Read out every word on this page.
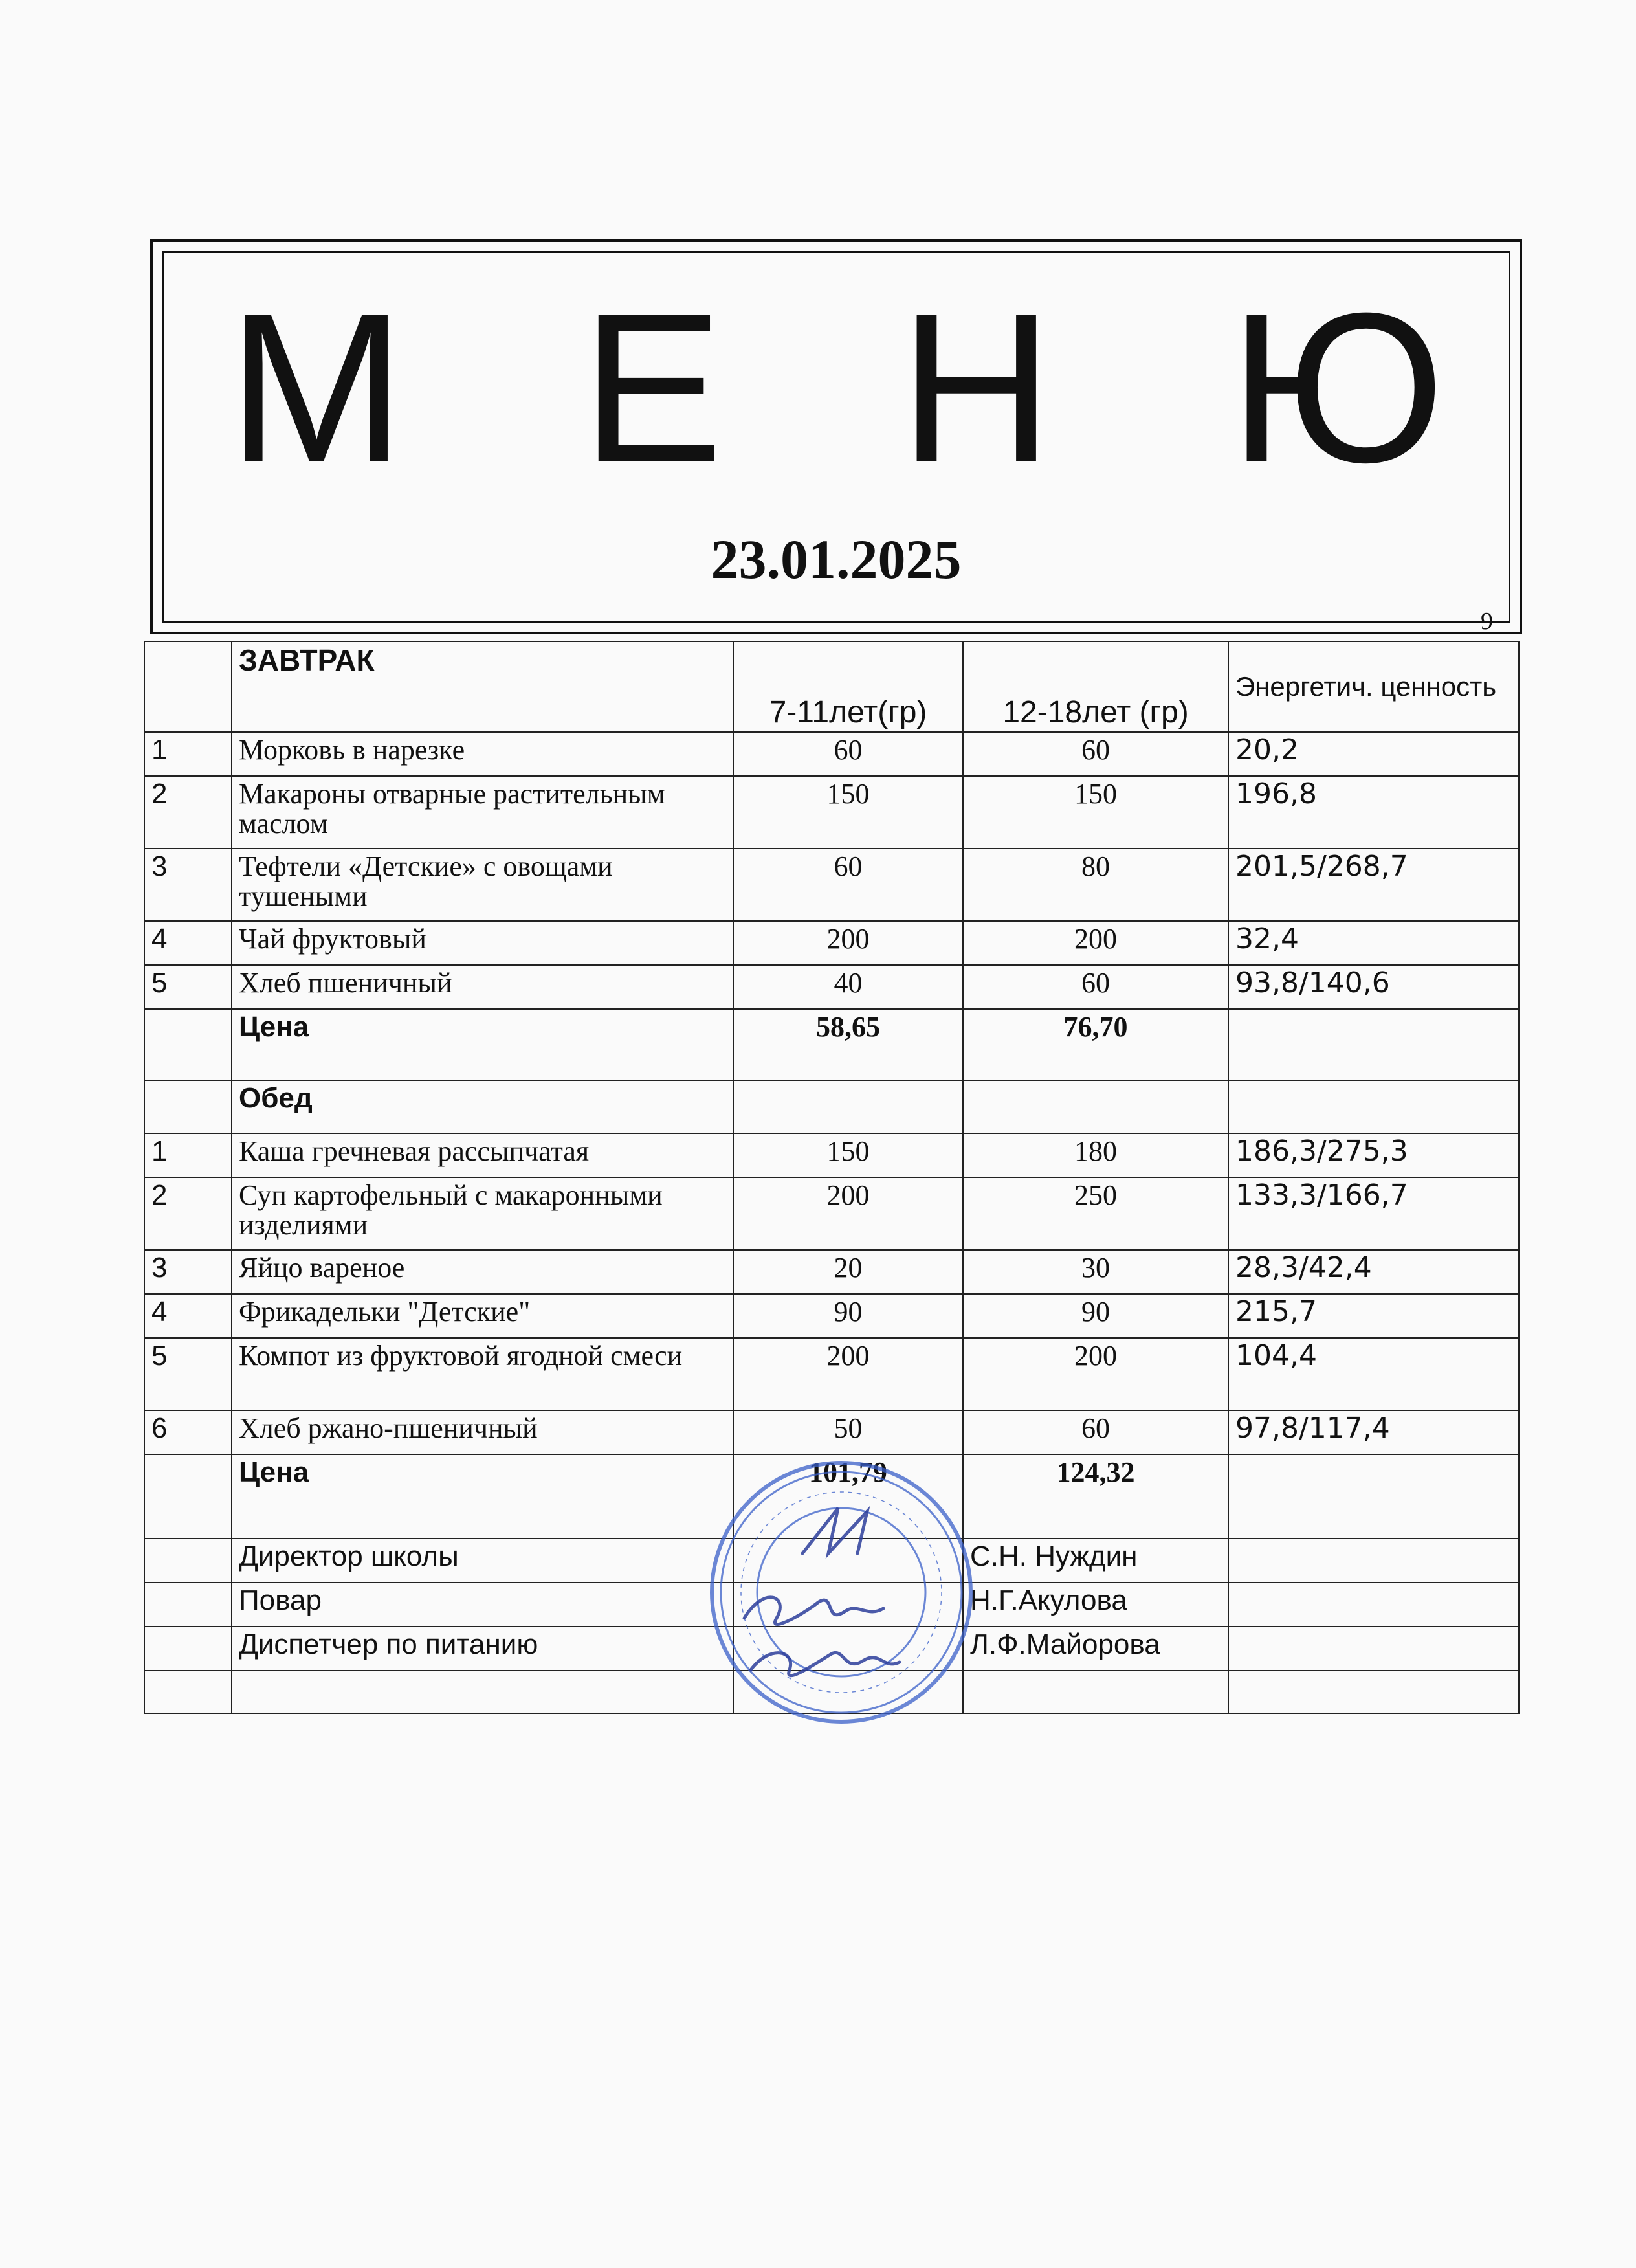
М Е Н Ю
23.01.2025
9
	ЗАВТРАК	7-11лет(гр)	12-18лет (гр)	Энергетич. ценность
1	Морковь в нарезке	60	60	20,2
2	Макароны отварные растительным маслом	150	150	196,8
3	Тефтели «Детские» с овощами тушеными	60	80	201,5/268,7
4	Чай фруктовый	200	200	32,4
5	Хлеб пшеничный	40	60	93,8/140,6
	Цена	58,65	76,70	
	Обед			
1	Каша гречневая рассыпчатая	150	180	186,3/275,3
2	Суп картофельный с макаронными изделиями	200	250	133,3/166,7
3	Яйцо вареное	20	30	28,3/42,4
4	Фрикадельки "Детские"	90	90	215,7
5	Компот из фруктовой ягодной смеси	200	200	104,4
6	Хлеб ржано-пшеничный	50	60	97,8/117,4
	Цена	101,79	124,32	
	Директор школы		С.Н. Нуждин	
	Повар		Н.Г.Акулова	
	Диспетчер по питанию		Л.Ф.Майорова	
